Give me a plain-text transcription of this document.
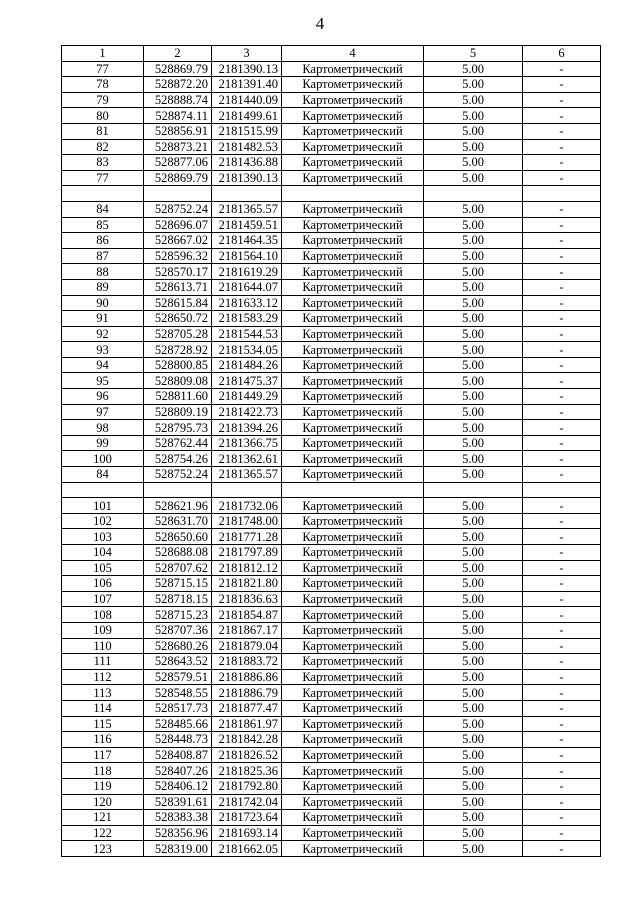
4
1	2	3	4	5	6
77	528869.79	2181390.13	Картометрический	5.00	-
78	528872.20	2181391.40	Картометрический	5.00	-
79	528888.74	2181440.09	Картометрический	5.00	-
80	528874.11	2181499.61	Картометрический	5.00	-
81	528856.91	2181515.99	Картометрический	5.00	-
82	528873.21	2181482.53	Картометрический	5.00	-
83	528877.06	2181436.88	Картометрический	5.00	-
77	528869.79	2181390.13	Картометрический	5.00	-

84	528752.24	2181365.57	Картометрический	5.00	-
85	528696.07	2181459.51	Картометрический	5.00	-
86	528667.02	2181464.35	Картометрический	5.00	-
87	528596.32	2181564.10	Картометрический	5.00	-
88	528570.17	2181619.29	Картометрический	5.00	-
89	528613.71	2181644.07	Картометрический	5.00	-
90	528615.84	2181633.12	Картометрический	5.00	-
91	528650.72	2181583.29	Картометрический	5.00	-
92	528705.28	2181544.53	Картометрический	5.00	-
93	528728.92	2181534.05	Картометрический	5.00	-
94	528800.85	2181484.26	Картометрический	5.00	-
95	528809.08	2181475.37	Картометрический	5.00	-
96	528811.60	2181449.29	Картометрический	5.00	-
97	528809.19	2181422.73	Картометрический	5.00	-
98	528795.73	2181394.26	Картометрический	5.00	-
99	528762.44	2181366.75	Картометрический	5.00	-
100	528754.26	2181362.61	Картометрический	5.00	-
84	528752.24	2181365.57	Картометрический	5.00	-

101	528621.96	2181732.06	Картометрический	5.00	-
102	528631.70	2181748.00	Картометрический	5.00	-
103	528650.60	2181771.28	Картометрический	5.00	-
104	528688.08	2181797.89	Картометрический	5.00	-
105	528707.62	2181812.12	Картометрический	5.00	-
106	528715.15	2181821.80	Картометрический	5.00	-
107	528718.15	2181836.63	Картометрический	5.00	-
108	528715.23	2181854.87	Картометрический	5.00	-
109	528707.36	2181867.17	Картометрический	5.00	-
110	528680.26	2181879.04	Картометрический	5.00	-
111	528643.52	2181883.72	Картометрический	5.00	-
112	528579.51	2181886.86	Картометрический	5.00	-
113	528548.55	2181886.79	Картометрический	5.00	-
114	528517.73	2181877.47	Картометрический	5.00	-
115	528485.66	2181861.97	Картометрический	5.00	-
116	528448.73	2181842.28	Картометрический	5.00	-
117	528408.87	2181826.52	Картометрический	5.00	-
118	528407.26	2181825.36	Картометрический	5.00	-
119	528406.12	2181792.80	Картометрический	5.00	-
120	528391.61	2181742.04	Картометрический	5.00	-
121	528383.38	2181723.64	Картометрический	5.00	-
122	528356.96	2181693.14	Картометрический	5.00	-
123	528319.00	2181662.05	Картометрический	5.00	-
